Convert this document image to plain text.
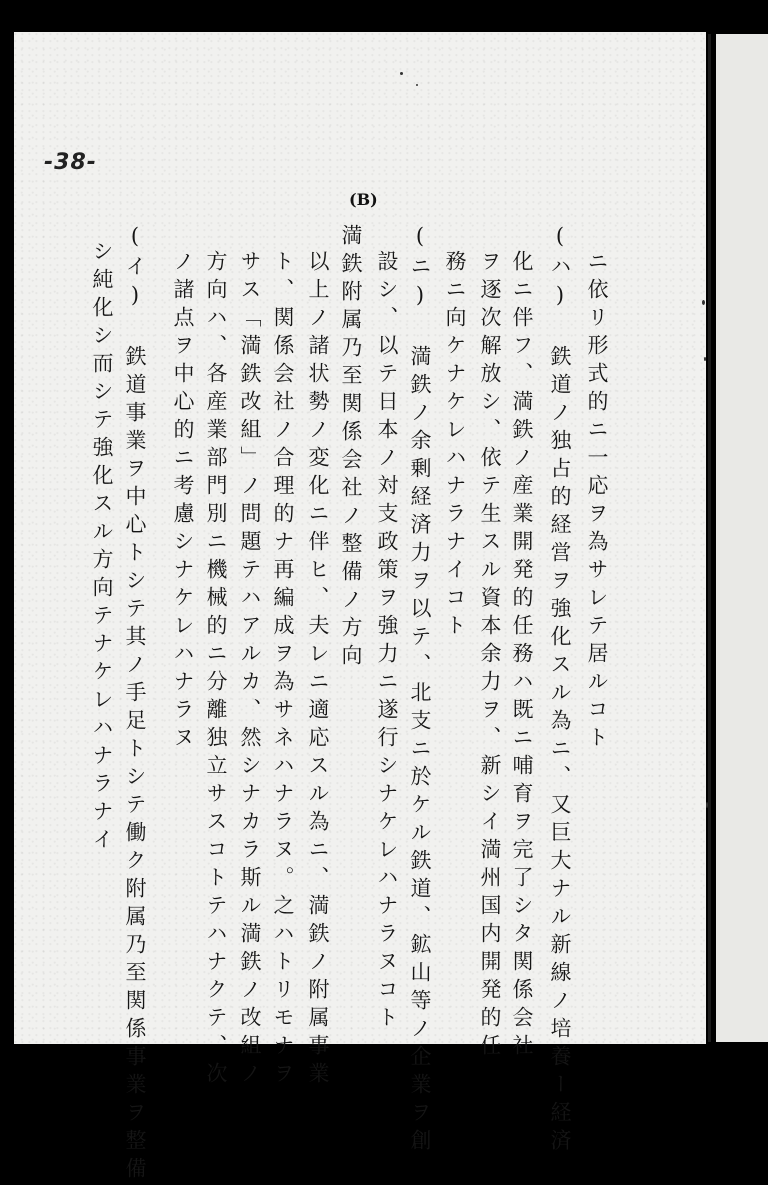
-38-
(B)
ニ依リ形式的ニ一応ヲ為サレテ居ルコト
(ハ) 鉄道ノ独占的経営ヲ強化スル為ニ、又巨大ナル新線ノ培養ー経済
化ニ伴フ、満鉄ノ産業開発的任務ハ既ニ哺育ヲ完了シタ関係会社
ヲ逐次解放シ、依テ生スル資本余力ヲ、新シイ満州国内開発的任
務ニ向ケナケレハナラナイコト
(ニ) 満鉄ノ余剰経済力ヲ以テ、北支ニ於ケル鉄道、鉱山等ノ企業ヲ創
設シ、以テ日本ノ対支政策ヲ強力ニ遂行シナケレハナラヌコト
満鉄附属乃至関係会社ノ整備ノ方向
以上ノ諸状勢ノ変化ニ伴ヒ、夫レニ適応スル為ニ、満鉄ノ附属事業
ト、関係会社ノ合理的ナ再編成ヲ為サネハナラヌ。之ハトリモナヲ
サス「満鉄改組」ノ問題テハアルカ、然シナカラ斯ル満鉄ノ改組ノ
方向ハ、各産業部門別ニ機械的ニ分離独立サスコトテハナクテ、次
ノ諸点ヲ中心的ニ考慮シナケレハナラヌ
(イ) 鉄道事業ヲ中心トシテ其ノ手足トシテ働ク附属乃至関係事業ヲ整備
シ純化シ而シテ強化スル方向テナケレハナラナイ
